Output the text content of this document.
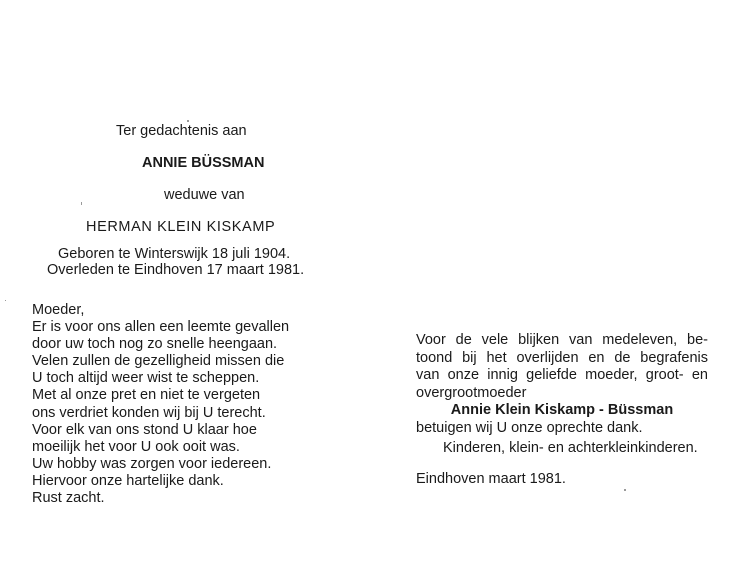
Ter gedachtenis aan
ANNIE BÜSSMAN
weduwe van
HERMAN KLEIN KISKAMP
Geboren te Winterswijk 18 juli 1904.
Overleden te Eindhoven 17 maart 1981.
Moeder,
Er is voor ons allen een leemte gevallen
door uw toch nog zo snelle heengaan.
Velen zullen de gezelligheid missen die
U toch altijd weer wist te scheppen.
Met al onze pret en niet te vergeten
ons verdriet konden wij bij U terecht.
Voor elk van ons stond U klaar hoe
moeilijk het voor U ook ooit was.
Uw hobby was zorgen voor iedereen.
Hiervoor onze hartelijke dank.
Rust zacht.
Voor de vele blijken van medeleven, be-
toond bij het overlijden en de begrafenis
van onze innig geliefde moeder, groot- en
overgrootmoeder
Annie Klein Kiskamp - Büssman
betuigen wij U onze oprechte dank.
Kinderen, klein- en achterkleinkinderen.
Eindhoven maart 1981.
